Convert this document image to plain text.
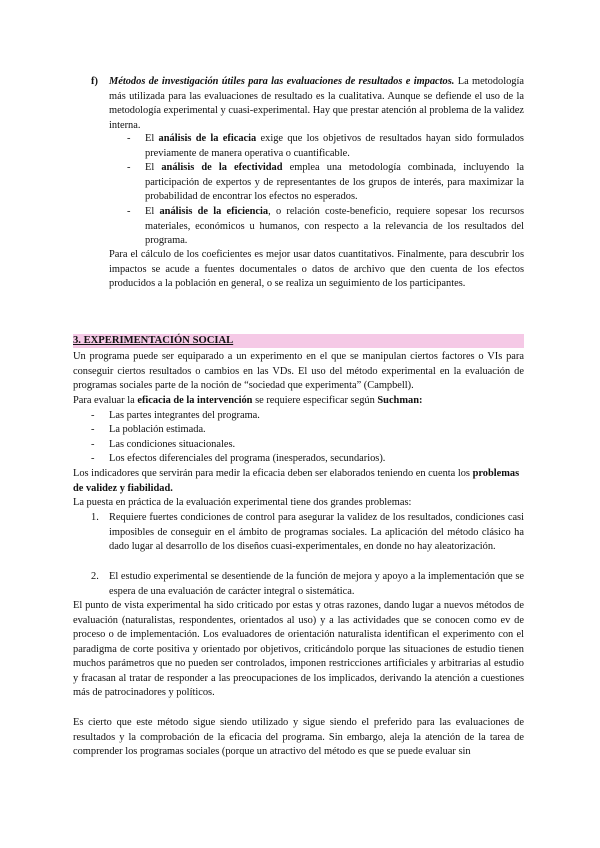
f) Métodos de investigación útiles para las evaluaciones de resultados e impactos. La metodología más utilizada para las evaluaciones de resultado es la cualitativa. Aunque se defiende el uso de la metodología experimental y cuasi-experimental. Hay que prestar atención al problema de la validez interna.

- El análisis de la eficacia exige que los objetivos de resultados hayan sido formulados previamente de manera operativa o cuantificable.

- El análisis de la efectividad emplea una metodología combinada, incluyendo la participación de expertos y de representantes de los grupos de interés, para maximizar la probabilidad de encontrar los efectos no esperados.

- El análisis de la eficiencia, o relación coste-beneficio, requiere sopesar los recursos materiales, económicos u humanos, con respecto a la relevancia de los resultados del programa.

Para el cálculo de los coeficientes es mejor usar datos cuantitativos. Finalmente, para descubrir los impactos se acude a fuentes documentales o datos de archivo que den cuenta de los efectos producidos a la población en general, o se realiza un seguimiento de los participantes.

3. EXPERIMENTACIÓN SOCIAL

Un programa puede ser equiparado a un experimento en el que se manipulan ciertos factores o VIs para conseguir ciertos resultados o cambios en las VDs. El uso del método experimental en la evaluación de programas sociales parte de la noción de “sociedad que experimenta” (Campbell).

Para evaluar la eficacia de la intervención se requiere especificar según Suchman:

- Las partes integrantes del programa.

- La población estimada.

- Las condiciones situacionales.

- Los efectos diferenciales del programa (inesperados, secundarios).

Los indicadores que servirán para medir la eficacia deben ser elaborados teniendo en cuenta los problemas de validez y fiabilidad.

La puesta en práctica de la evaluación experimental tiene dos grandes problemas:

1. Requiere fuertes condiciones de control para asegurar la validez de los resultados, condiciones casi imposibles de conseguir en el ámbito de programas sociales. La aplicación del método clásico ha dado lugar al desarrollo de los diseños cuasi-experimentales, en donde no hay aleatorización.

2. El estudio experimental se desentiende de la función de mejora y apoyo a la implementación que se espera de una evaluación de carácter integral o sistemática.

El punto de vista experimental ha sido criticado por estas y otras razones, dando lugar a nuevos métodos de evaluación (naturalistas, respondentes, orientados al uso) y a las actividades que se conocen como ev de proceso o de implementación. Los evaluadores de orientación naturalista identifican el experimento con el paradigma de corte positiva y orientado por objetivos, criticándolo porque las situaciones de estudio tienen muchos parámetros que no pueden ser controlados, imponen restricciones artificiales y arbitrarias al estudio y fracasan al tratar de responder a las preocupaciones de los implicados, derivando la atención a cuestiones más de patrocinadores y políticos.

Es cierto que este método sigue siendo utilizado y sigue siendo el preferido para las evaluaciones de resultados y la comprobación de la eficacia del programa. Sin embargo, aleja la atención de la tarea de comprender los programas sociales (porque un atractivo del método es que se puede evaluar sin
